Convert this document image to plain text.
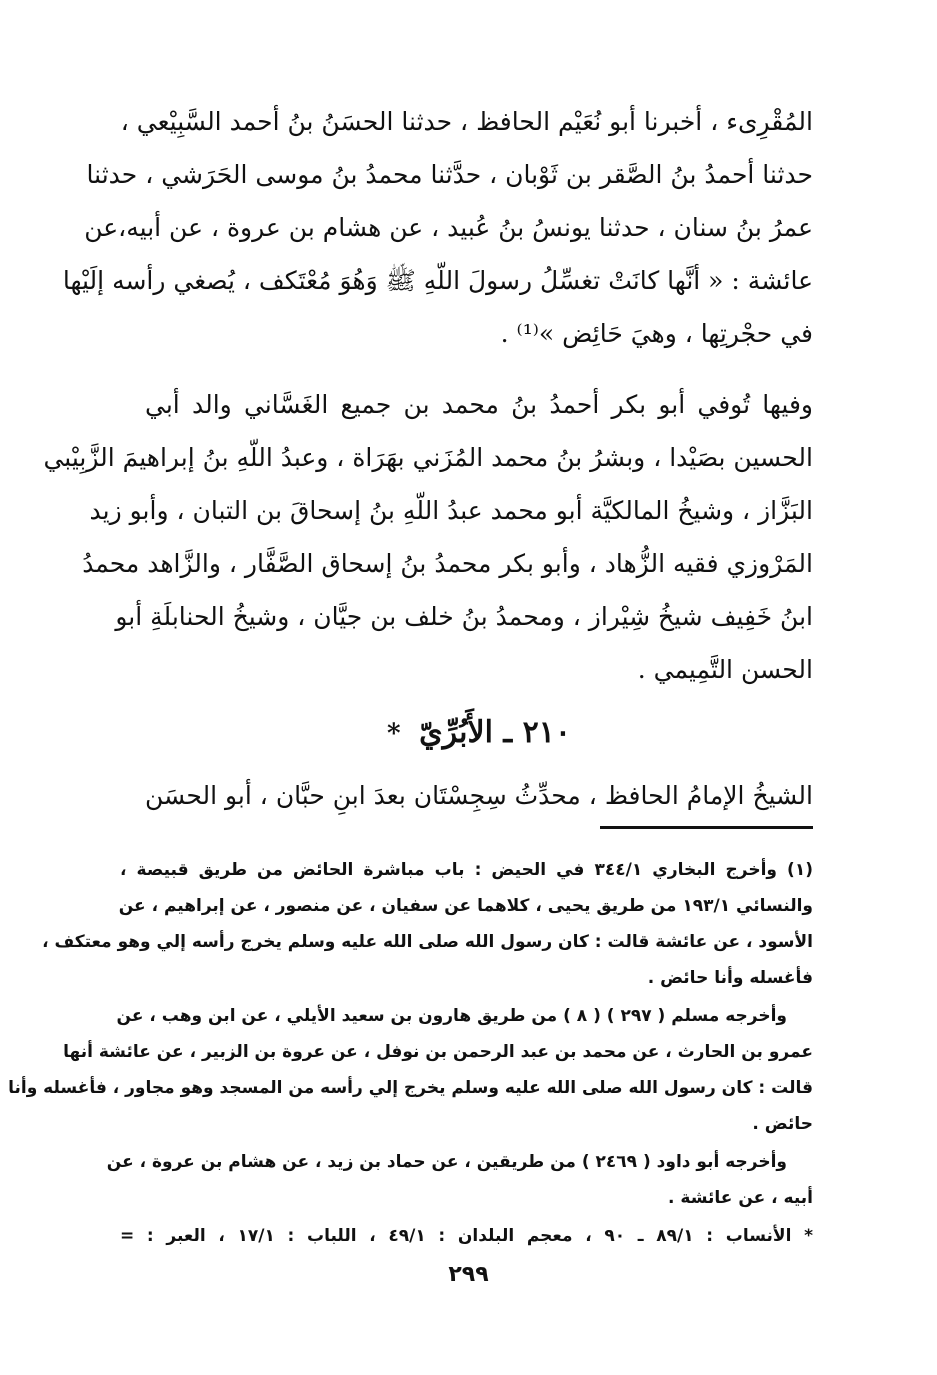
المُقْرِىء ، أخبرنا أبو نُعَيْم الحافظ ، حدثنا الحسَنُ بنُ أحمد السَّبِيْعي ،
حدثنا أحمدُ بنُ الصَّقر بن ثَوْبان ، حدَّثنا محمدُ بنُ موسى الحَرَشي ، حدثنا
عمرُ بنُ سنان ، حدثنا يونسُ بنُ عُبيد ، عن هشام بن عروة ، عن أبيه،عن
عائشة : « أنَّها كانَتْ تغسِّلُ رسولَ اللّهِ ﷺ وَهُوَ مُعْتَكف ، يُصغي رأسه إلَيْها
في حجْرتِها ، وهيَ حَائِض »⁽¹⁾ .

وفيها تُوفي أبو بكر أحمدُ بنُ محمد بن جميع الغَسَّاني والد أبي
الحسين بصَيْدا ، وبشرُ بنُ محمد المُزَني بهَرَاة ، وعبدُ اللّهِ بنُ إبراهيمَ الزَّبِيْبي
البَزَّاز ، وشيخُ المالكيَّة أبو محمد عبدُ اللّهِ بنُ إسحاقَ بن التبان ، وأبو زيد
المَرْوزي فقيه الزُّهاد ، وأبو بكر محمدُ بنُ إسحاق الصَّفَّار ، والزَّاهد محمدُ
ابنُ خَفِيف شيخُ شِيْراز ، ومحمدُ بنُ خلف بن جيَّان ، وشيخُ الحنابلَةِ أبو
الحسن التَّمِيمي .

٢١٠ ـ الأَبُرِّيّ *

الشيخُ الإمامُ الحافظ ، محدِّثُ سِجِسْتَان بعدَ ابنِ حبَّان ، أبو الحسَن

(١) وأخرج البخاري ٣٤٤/١ في الحيض : باب مباشرة الحائض من طريق قبيصة ،
والنسائي ١٩٣/١ من طريق يحيى ، كلاهما عن سفيان ، عن منصور ، عن إبراهيم ، عن
الأسود ، عن عائشة قالت : كان رسول الله صلى الله عليه وسلم يخرج رأسه إلي وهو معتكف ،
فأغسله وأنا حائض .
وأخرجه مسلم ( ٢٩٧ ) ( ٨ ) من طريق هارون بن سعيد الأيلي ، عن ابن وهب ، عن
عمرو بن الحارث ، عن محمد بن عبد الرحمن بن نوفل ، عن عروة بن الزبير ، عن عائشة أنها
قالت : كان رسول الله صلى الله عليه وسلم يخرج إلي رأسه من المسجد وهو مجاور ، فأغسله وأنا
حائض .
وأخرجه أبو داود ( ٢٤٦٩ ) من طريقين ، عن حماد بن زيد ، عن هشام بن عروة ، عن
أبيه ، عن عائشة .
* الأنساب : ٨٩/١ ـ ٩٠ ، معجم البلدان : ٤٩/١ ، اللباب : ١٧/١ ، العبر : =
٢٩٩
